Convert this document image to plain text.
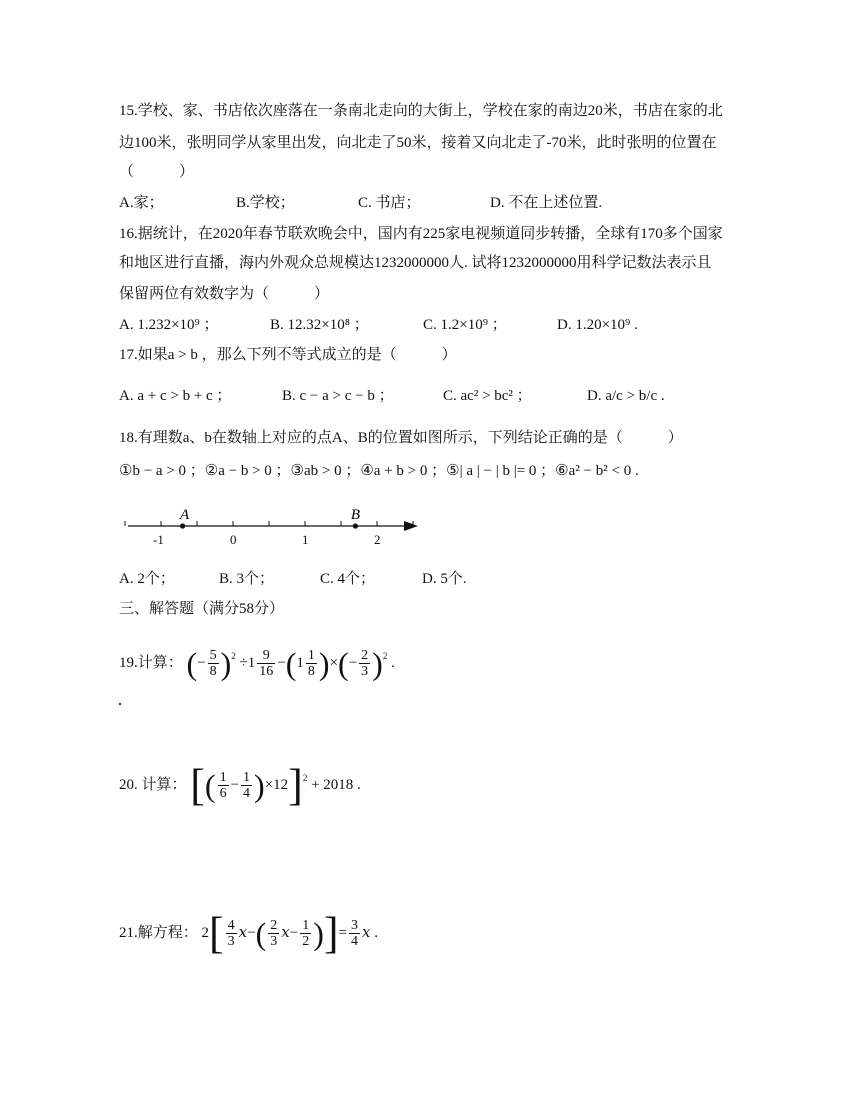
15.学校、家、书店依次座落在一条南北走向的大街上，学校在家的南边20米，书店在家的北
边100米，张明同学从家里出发，向北走了50米，接着又向北走了-70米，此时张明的位置在
（　　　）
A.家；	B.学校；	C. 书店；	D. 不在上述位置.
16.据统计，在2020年春节联欢晚会中，国内有225家电视频道同步转播，全球有170多个国家
和地区进行直播，海内外观众总规模达1232000000人. 试将1232000000用科学记数法表示且
保留两位有效数字为（　　　）
A. 1.232×10⁹ ；	B. 12.32×10⁸ ；	C. 1.2×10⁹ ；	D. 1.20×10⁹ .
17.如果a > b ，那么下列不等式成立的是（　　　）
A. a + c > b + c ；	B. c − a > c − b ；	C. ac² > bc² ；	D. a/c > b/c .
18.有理数a、b在数轴上对应的点A、B的位置如图所示，下列结论正确的是（　　　）
①b − a > 0 ；②a − b > 0 ；③ab > 0 ；④a + b > 0 ；⑤| a | − | b |= 0 ；⑥a² − b² < 0 .
-1	0	1	2
A	B
A. 2个；	B. 3个；	C. 4个；	D. 5个.
三、解答题（满分58分）
19.计算： (− $\frac{5}{8} )^2 \div 1 \frac{9}{16} -(1 \frac{1}{8}$ )×(− $\frac{2}{3} )^2$ .
20. 计算： [( $\frac{1}{6} - \frac{1}{4} )\times 12]^2 + 2018$ .
21.解方程： $2[ \frac{4}{3} x-( \frac{2}{3} x- \frac{1}{2}$ )]= $\frac{3}{4}$ x .
